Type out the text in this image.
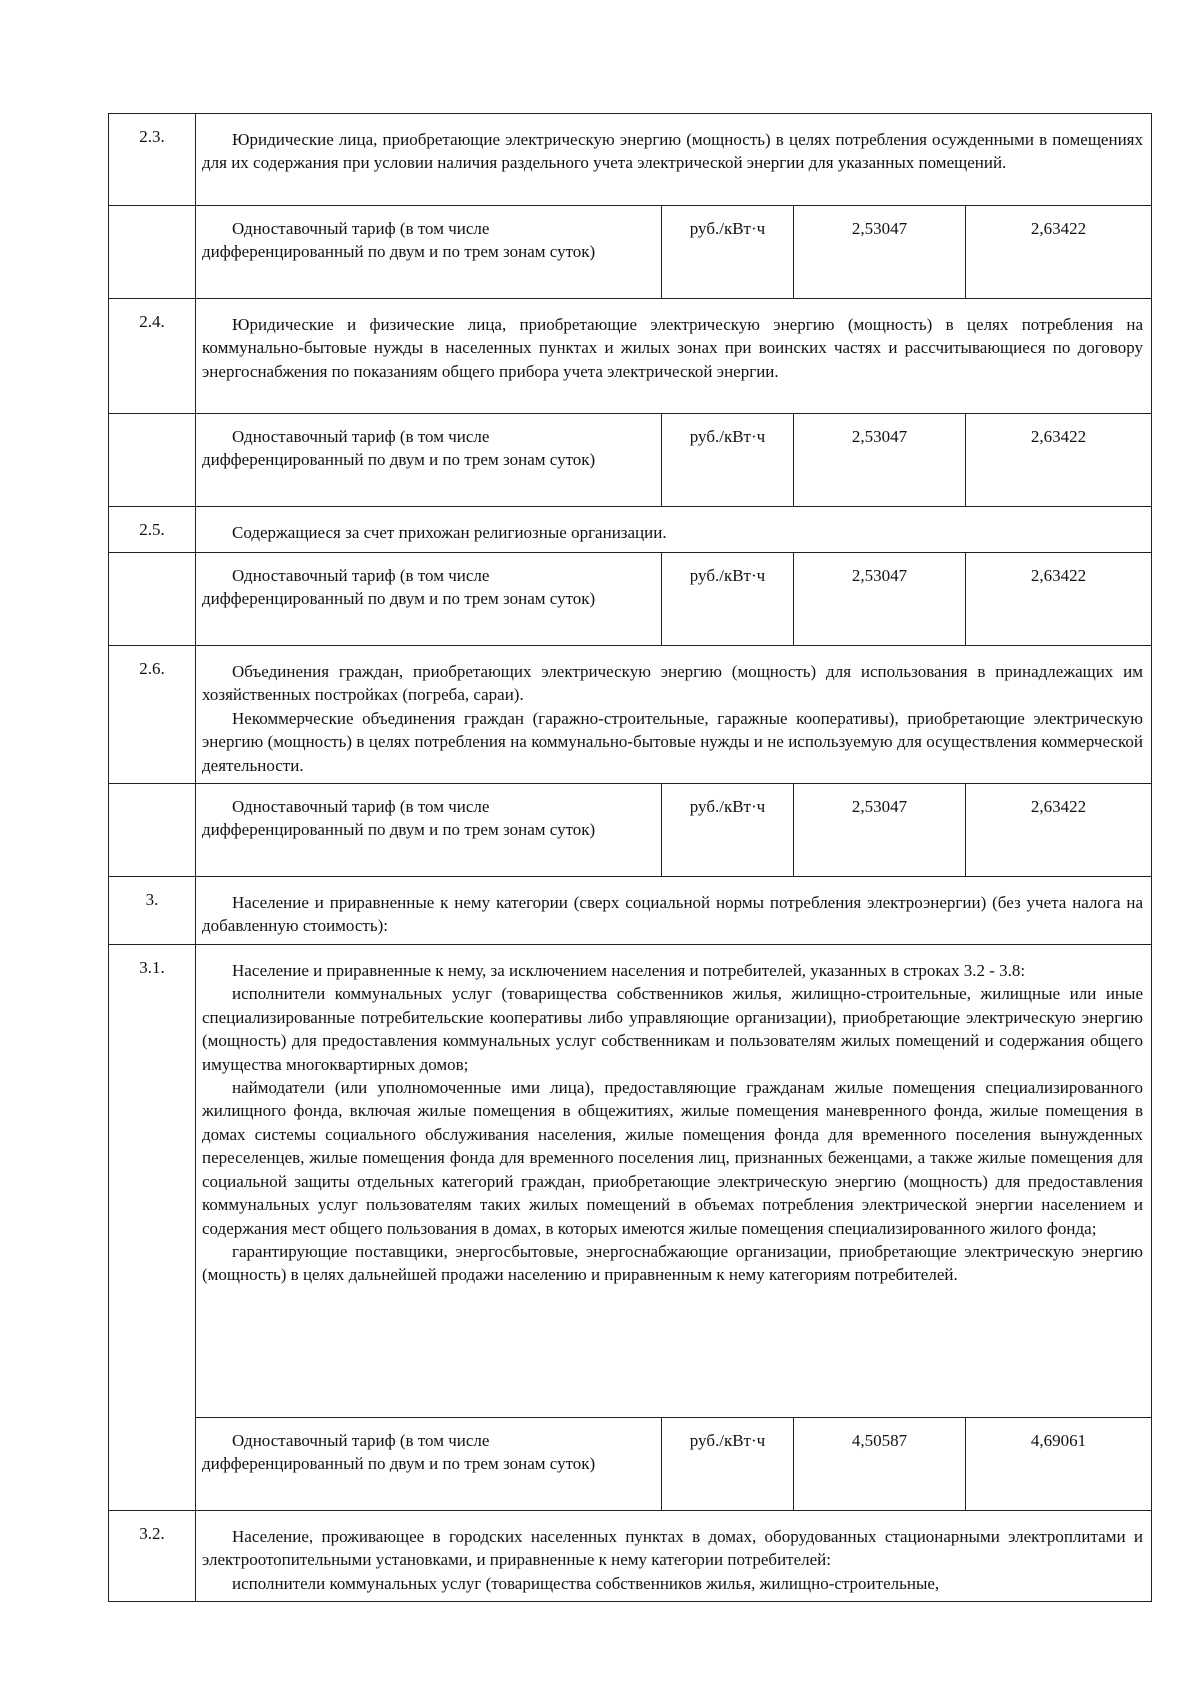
2.3.	Юридические лица, приобретающие электрическую энергию (мощность) в целях потребления осужденными в помещениях для их содержания при условии наличия раздельного учета электрической энергии для указанных помещений.			

	Одноставочный тариф (в том числе дифференцированный по двум и по трем зонам суток)	руб./кВт·ч	2,53047	2,63422
2.4.	Юридические и физические лица, приобретающие электрическую энергию (мощность) в целях потребления на коммунально-бытовые нужды в населенных пунктах и жилых зонах при воинских частях и рассчитывающиеся по договору энергоснабжения по показаниям общего прибора учета электрической энергии.			

	Одноставочный тариф (в том числе дифференцированный по двум и по трем зонам суток)	руб./кВт·ч	2,53047	2,63422
2.5.	Содержащиеся за счет прихожан религиозные организации.			

	Одноставочный тариф (в том числе дифференцированный по двум и по трем зонам суток)	руб./кВт·ч	2,53047	2,63422
2.6.	Объединения граждан, приобретающих электрическую энергию (мощность) для использования в принадлежащих им хозяйственных постройках (погреба, сараи).

Некоммерческие объединения граждан (гаражно-строительные, гаражные кооперативы), приобретающие электрическую энергию (мощность) в целях потребления на коммунально-бытовые нужды и не используемую для осуществления коммерческой деятельности.			

	Одноставочный тариф (в том числе дифференцированный по двум и по трем зонам суток)	руб./кВт·ч	2,53047	2,63422
3.	Население и приравненные к нему категории (сверх социальной нормы потребления электроэнергии) (без учета налога на добавленную стоимость):			

3.1.	Население и приравненные к нему, за исключением населения и потребителей, указанных в строках 3.2 - 3.8:

исполнители коммунальных услуг (товарищества собственников жилья, жилищно-строительные, жилищные или иные специализированные потребительские кооперативы либо управляющие организации), приобретающие электрическую энергию (мощность) для предоставления коммунальных услуг собственникам и пользователям жилых помещений и содержания общего имущества многоквартирных домов;

наймодатели (или уполномоченные ими лица), предоставляющие гражданам жилые помещения специализированного жилищного фонда, включая жилые помещения в общежитиях, жилые помещения маневренного фонда, жилые помещения в домах системы социального обслуживания населения, жилые помещения фонда для временного поселения вынужденных переселенцев, жилые помещения фонда для временного поселения лиц, признанных беженцами, а также жилые помещения для социальной защиты отдельных категорий граждан, приобретающие электрическую энергию (мощность) для предоставления коммунальных услуг пользователям таких жилых помещений в объемах потребления электрической энергии населением и содержания мест общего пользования в домах, в которых имеются жилые помещения специализированного жилого фонда;

гарантирующие поставщики, энергосбытовые, энергоснабжающие организации, приобретающие электрическую энергию (мощность) в целях дальнейшей продажи населению и приравненным к нему категориям потребителей.			

	Одноставочный тариф (в том числе дифференцированный по двум и по трем зонам суток)	руб./кВт·ч	4,50587	4,69061
3.2.	Население, проживающее в городских населенных пунктах в домах, оборудованных стационарными электроплитами и электроотопительными установками, и приравненные к нему категории потребителей:

исполнители коммунальных услуг (товарищества собственников жилья, жилищно-строительные,			
